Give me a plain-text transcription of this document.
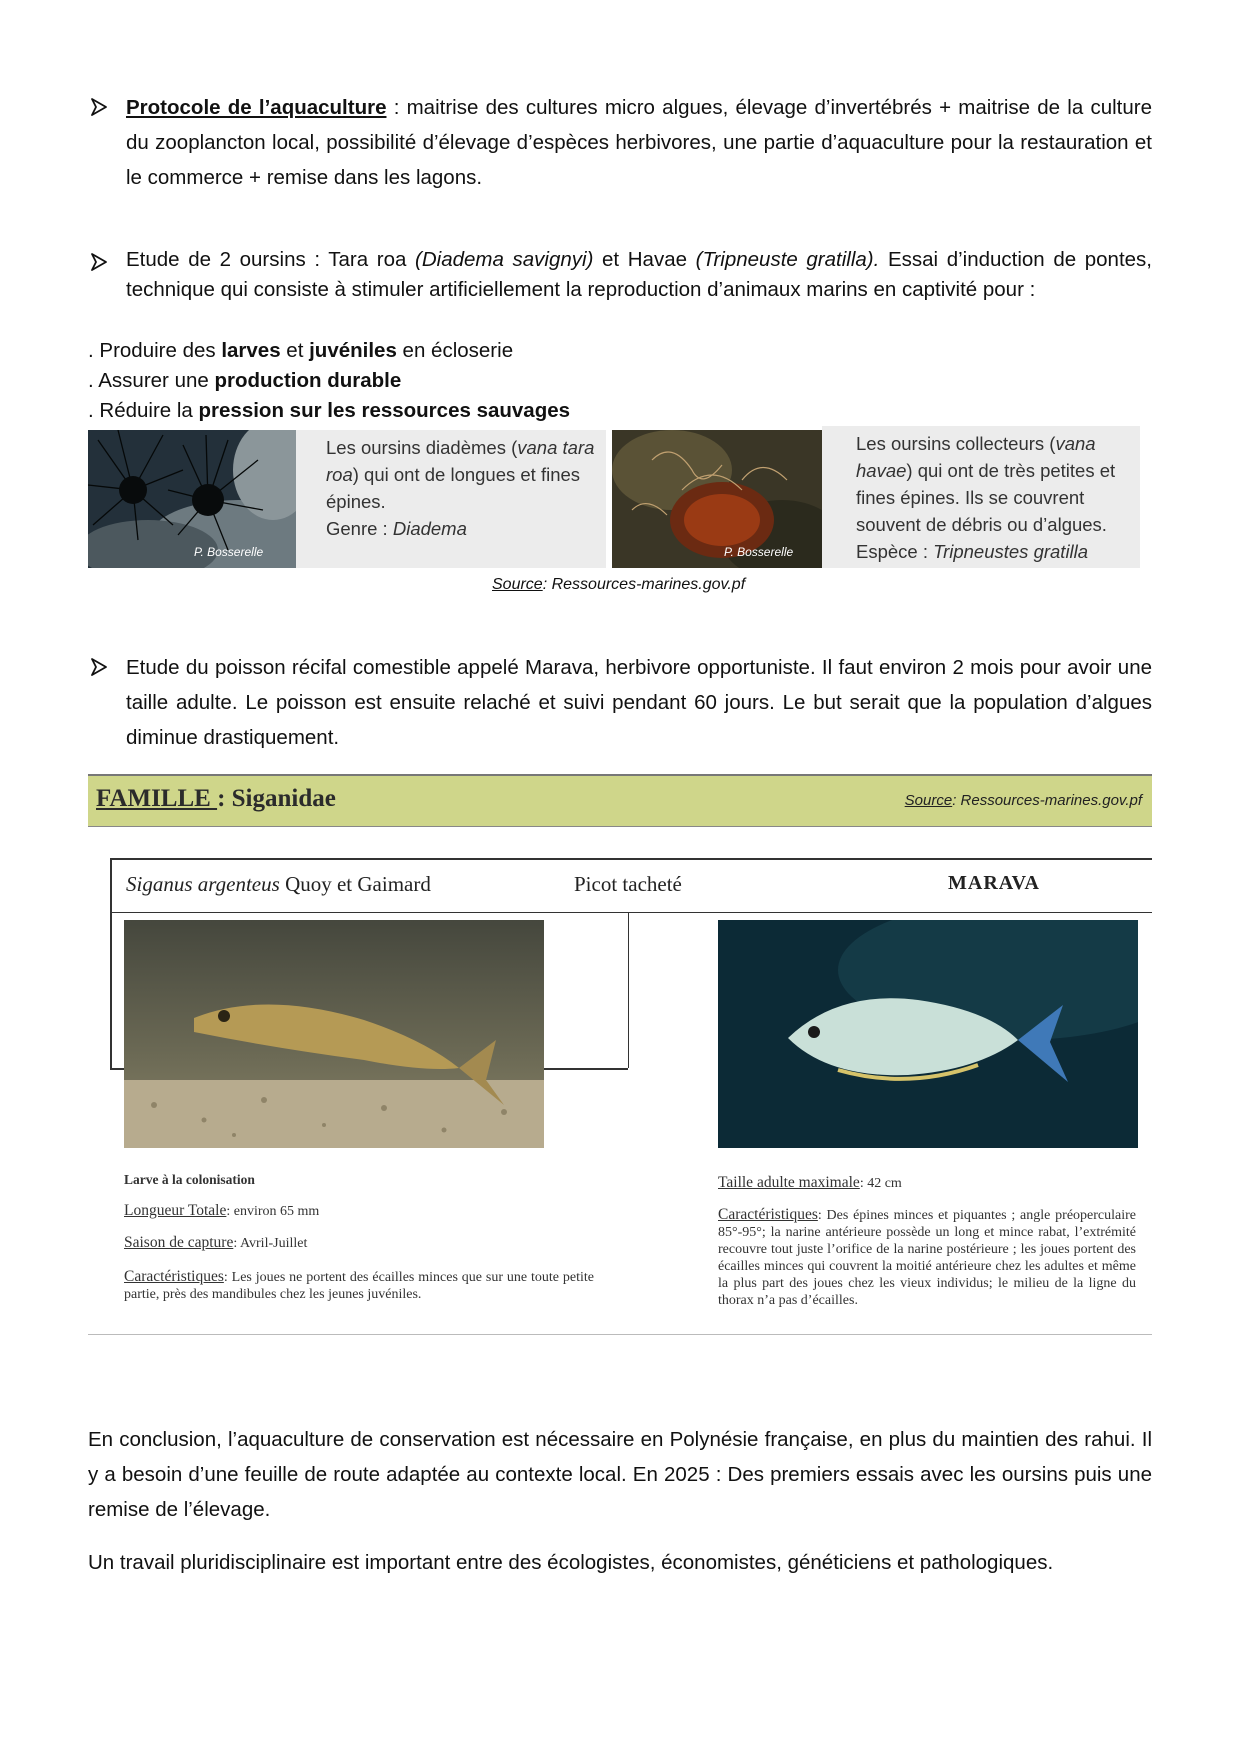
Protocole de l’aquaculture : maitrise des cultures micro algues, élevage d’invertébrés + maitrise de la culture du zooplancton local, possibilité d’élevage d’espèces herbivores, une partie d’aquaculture pour la restauration et le commerce + remise dans les lagons.
Etude de 2 oursins : Tara roa (Diadema savignyi) et Havae (Tripneuste gratilla). Essai d’induction de pontes, technique qui consiste à stimuler artificiellement la reproduction d’animaux marins en captivité pour :
. Produire des larves et juvéniles en écloserie
. Assurer une production durable
. Réduire la pression sur les ressources sauvages
P. Bosserelle
Les oursins diadèmes (vana tara roa) qui ont de longues et fines épines.
Genre : Diadema
P. Bosserelle
Les oursins collecteurs (vana havae) qui ont de très petites et fines épines. Ils se couvrent souvent de débris ou d’algues.
Espèce : Tripneustes gratilla
Source: Ressources-marines.gov.pf
Etude du poisson récifal comestible appelé Marava, herbivore opportuniste. Il faut environ 2 mois pour avoir une taille adulte. Le poisson est ensuite relaché et suivi pendant 60 jours. Le but serait que la population d’algues diminue drastiquement.
FAMILLE : Siganidae	Source: Ressources-marines.gov.pf
Siganus argenteus Quoy et Gaimard	Picot tacheté	MARAVA
Larve à la colonisation
Longueur Totale: environ 65 mm
Saison de capture: Avril-Juillet
Caractéristiques: Les joues ne portent des écailles minces que sur une toute petite partie, près des mandibules chez les jeunes juvéniles.
Taille adulte maximale: 42 cm
Caractéristiques: Des épines minces et piquantes ; angle préoperculaire 85°-95°; la narine antérieure possède un long et mince rabat, l’extrémité recouvre tout juste l’orifice de la narine postérieure ; les joues portent des écailles minces qui couvrent la moitié antérieure chez les adultes et même la plus part des joues chez les vieux individus; le milieu de la ligne du thorax n’a pas d’écailles.
En conclusion, l’aquaculture de conservation est nécessaire en Polynésie française, en plus du maintien des rahui. Il y a besoin d’une feuille de route adaptée au contexte local. En 2025 : Des premiers essais avec les oursins puis une remise de l’élevage.
Un travail pluridisciplinaire est important entre des écologistes, économistes, généticiens et pathologiques.
